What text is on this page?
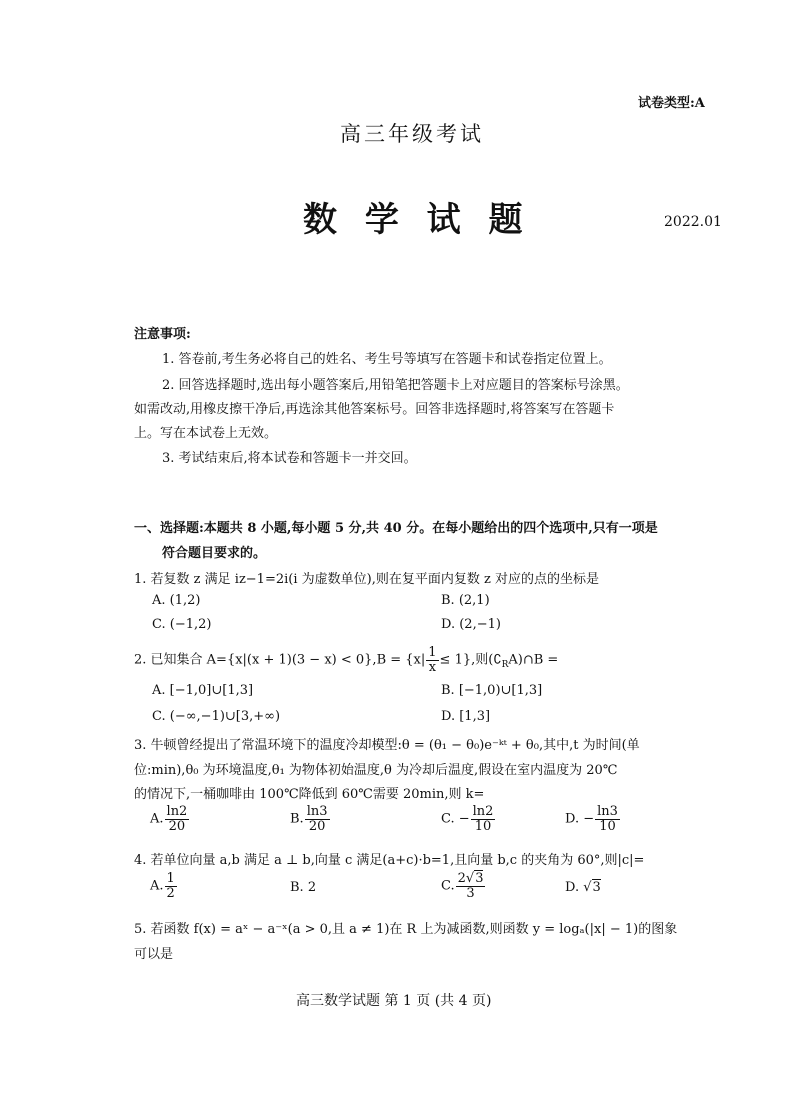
试卷类型:A
高三年级考试
数 学 试 题	2022.01
注意事项:
1. 答卷前,考生务必将自己的姓名、考生号等填写在答题卡和试卷指定位置上。
2. 回答选择题时,选出每小题答案后,用铅笔把答题卡上对应题目的答案标号涂黑。
如需改动,用橡皮擦干净后,再选涂其他答案标号。回答非选择题时,将答案写在答题卡
上。写在本试卷上无效。
3. 考试结束后,将本试卷和答题卡一并交回。
一、选择题:本题共 8 小题,每小题 5 分,共 40 分。在每小题给出的四个选项中,只有一项是
符合题目要求的。
1. 若复数 z 满足 iz−1=2i(i 为虚数单位),则在复平面内复数 z 对应的点的坐标是
A. (1,2)	B. (2,1)
C. (−1,2)	D. (2,−1)
2. 已知集合 $A=\{x|(x + 1)(3 - x) < 0\},B = \{x| \frac{1}{x} \le 1\}$,则$(∁_RA)\cap B$ =
A. [−1,0]∪[1,3]	B. [−1,0)∪[1,3]
C. (−∞,−1)∪[3,+∞)	D. [1,3]
3. 牛顿曾经提出了常温环境下的温度冷却模型:θ = (θ₁ − θ₀)e⁻ᵏᵗ + θ₀,其中,t 为时间(单
位:min),θ₀ 为环境温度,θ₁ 为物体初始温度,θ 为冷却后温度,假设在室内温度为 20℃
的情况下,一桶咖啡由 100℃降低到 60℃需要 20min,则 k=
A. $\frac{\ln 2}{20}$	B. $\frac{\ln 3}{20}$	C. − $\frac{\ln 2}{10}$	D. − $\frac{\ln 3}{10}$
4. 若单位向量 a,b 满足 a ⊥ b,向量 c 满足(a+c)·b=1,且向量 b,c 的夹角为 60°,则|c|=
A. $\frac{1}{2}$	B. 2	C. $\frac{2√3}{3}$	D. √3
5. 若函数 f(x) = aˣ − a⁻ˣ(a > 0,且 a ≠ 1)在 R 上为减函数,则函数 y = logₐ(|x| − 1)的图象
可以是
高三数学试题 第 1 页 (共 4 页)
